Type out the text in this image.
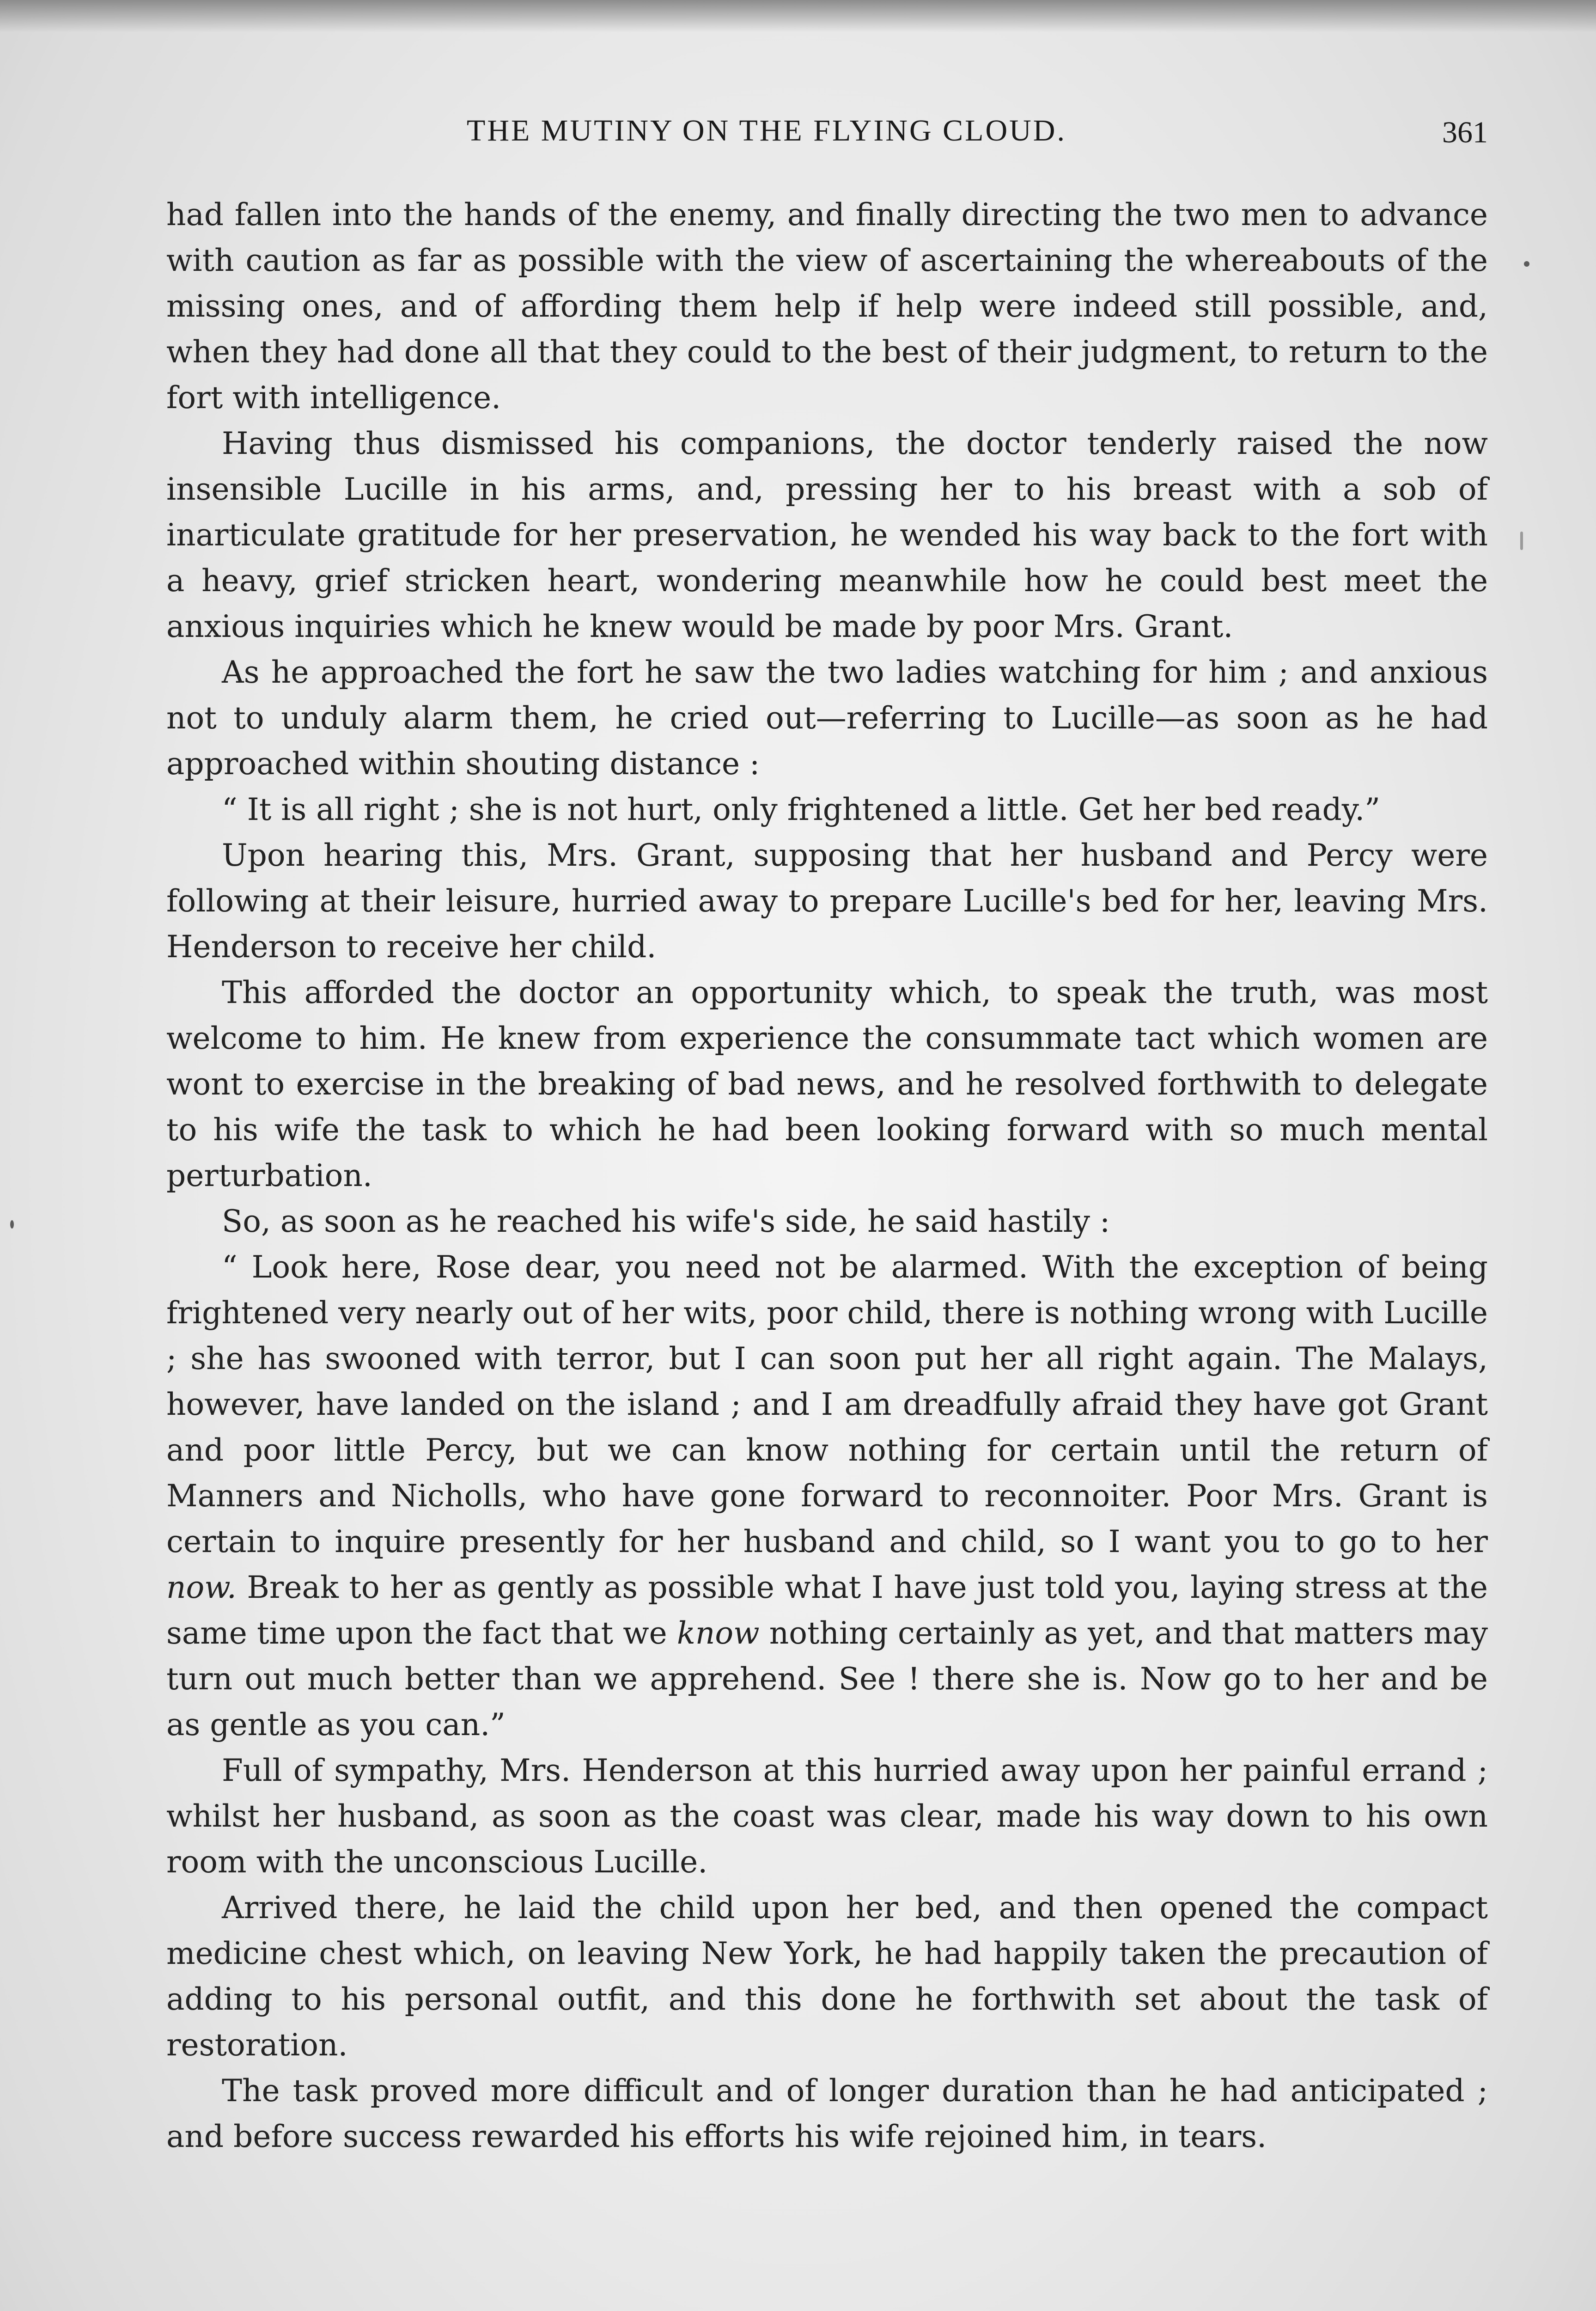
THE MUTINY ON THE FLYING CLOUD.	361

had fallen into the hands of the enemy, and finally directing the two men to advance with caution as far as possible with the view of ascertaining the whereabouts of the missing ones, and of affording them help if help were indeed still possible, and, when they had done all that they could to the best of their judgment, to return to the fort with intelligence.

Having thus dismissed his companions, the doctor tenderly raised the now insensible Lucille in his arms, and, pressing her to his breast with a sob of inarticulate gratitude for her preservation, he wended his way back to the fort with a heavy, grief stricken heart, wondering meanwhile how he could best meet the anxious inquiries which he knew would be made by poor Mrs. Grant.

As he approached the fort he saw the two ladies watching for him ; and anxious not to unduly alarm them, he cried out—referring to Lucille—as soon as he had approached within shouting distance :

“ It is all right ; she is not hurt, only frightened a little. Get her bed ready.”

Upon hearing this, Mrs. Grant, supposing that her husband and Percy were following at their leisure, hurried away to prepare Lucille's bed for her, leaving Mrs. Henderson to receive her child.

This afforded the doctor an opportunity which, to speak the truth, was most welcome to him. He knew from experience the consummate tact which women are wont to exercise in the breaking of bad news, and he resolved forthwith to delegate to his wife the task to which he had been looking forward with so much mental perturbation.

So, as soon as he reached his wife's side, he said hastily :

“ Look here, Rose dear, you need not be alarmed. With the exception of being frightened very nearly out of her wits, poor child, there is nothing wrong with Lucille ; she has swooned with terror, but I can soon put her all right again. The Malays, however, have landed on the island ; and I am dreadfully afraid they have got Grant and poor little Percy, but we can know nothing for certain until the return of Manners and Nicholls, who have gone forward to reconnoiter. Poor Mrs. Grant is certain to inquire presently for her husband and child, so I want you to go to her now. Break to her as gently as possible what I have just told you, laying stress at the same time upon the fact that we know nothing certainly as yet, and that matters may turn out much better than we apprehend. See ! there she is. Now go to her and be as gentle as you can.”

Full of sympathy, Mrs. Henderson at this hurried away upon her painful errand ; whilst her husband, as soon as the coast was clear, made his way down to his own room with the unconscious Lucille.

Arrived there, he laid the child upon her bed, and then opened the compact medicine chest which, on leaving New York, he had happily taken the precaution of adding to his personal outfit, and this done he forthwith set about the task of restoration.

The task proved more difficult and of longer duration than he had anticipated ; and before success rewarded his efforts his wife rejoined him, in tears.
